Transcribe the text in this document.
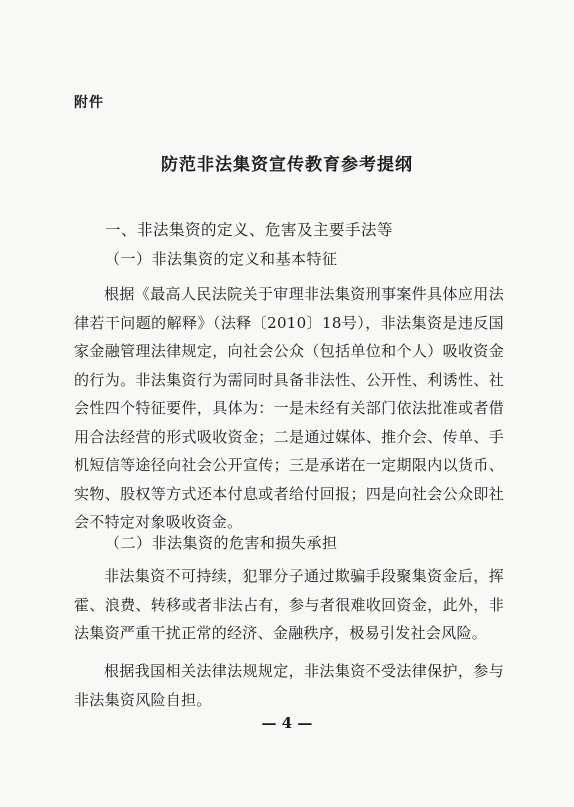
附件
防范非法集资宣传教育参考提纲
一、非法集资的定义、危害及主要手法等
（一）非法集资的定义和基本特征

根据《最高人民法院关于审理非法集资刑事案件具体应用法律若干问题的解释》（法释〔2010〕18号），非法集资是违反国家金融管理法律规定，向社会公众（包括单位和个人）吸收资金的行为。非法集资行为需同时具备非法性、公开性、利诱性、社会性四个特征要件，具体为：一是未经有关部门依法批准或者借用合法经营的形式吸收资金；二是通过媒体、推介会、传单、手机短信等途径向社会公开宣传；三是承诺在一定期限内以货币、实物、股权等方式还本付息或者给付回报；四是向社会公众即社会不特定对象吸收资金。

（二）非法集资的危害和损失承担

非法集资不可持续，犯罪分子通过欺骗手段聚集资金后，挥霍、浪费、转移或者非法占有，参与者很难收回资金，此外，非法集资严重干扰正常的经济、金融秩序，极易引发社会风险。

根据我国相关法律法规规定，非法集资不受法律保护，参与非法集资风险自担。

— 4 —
